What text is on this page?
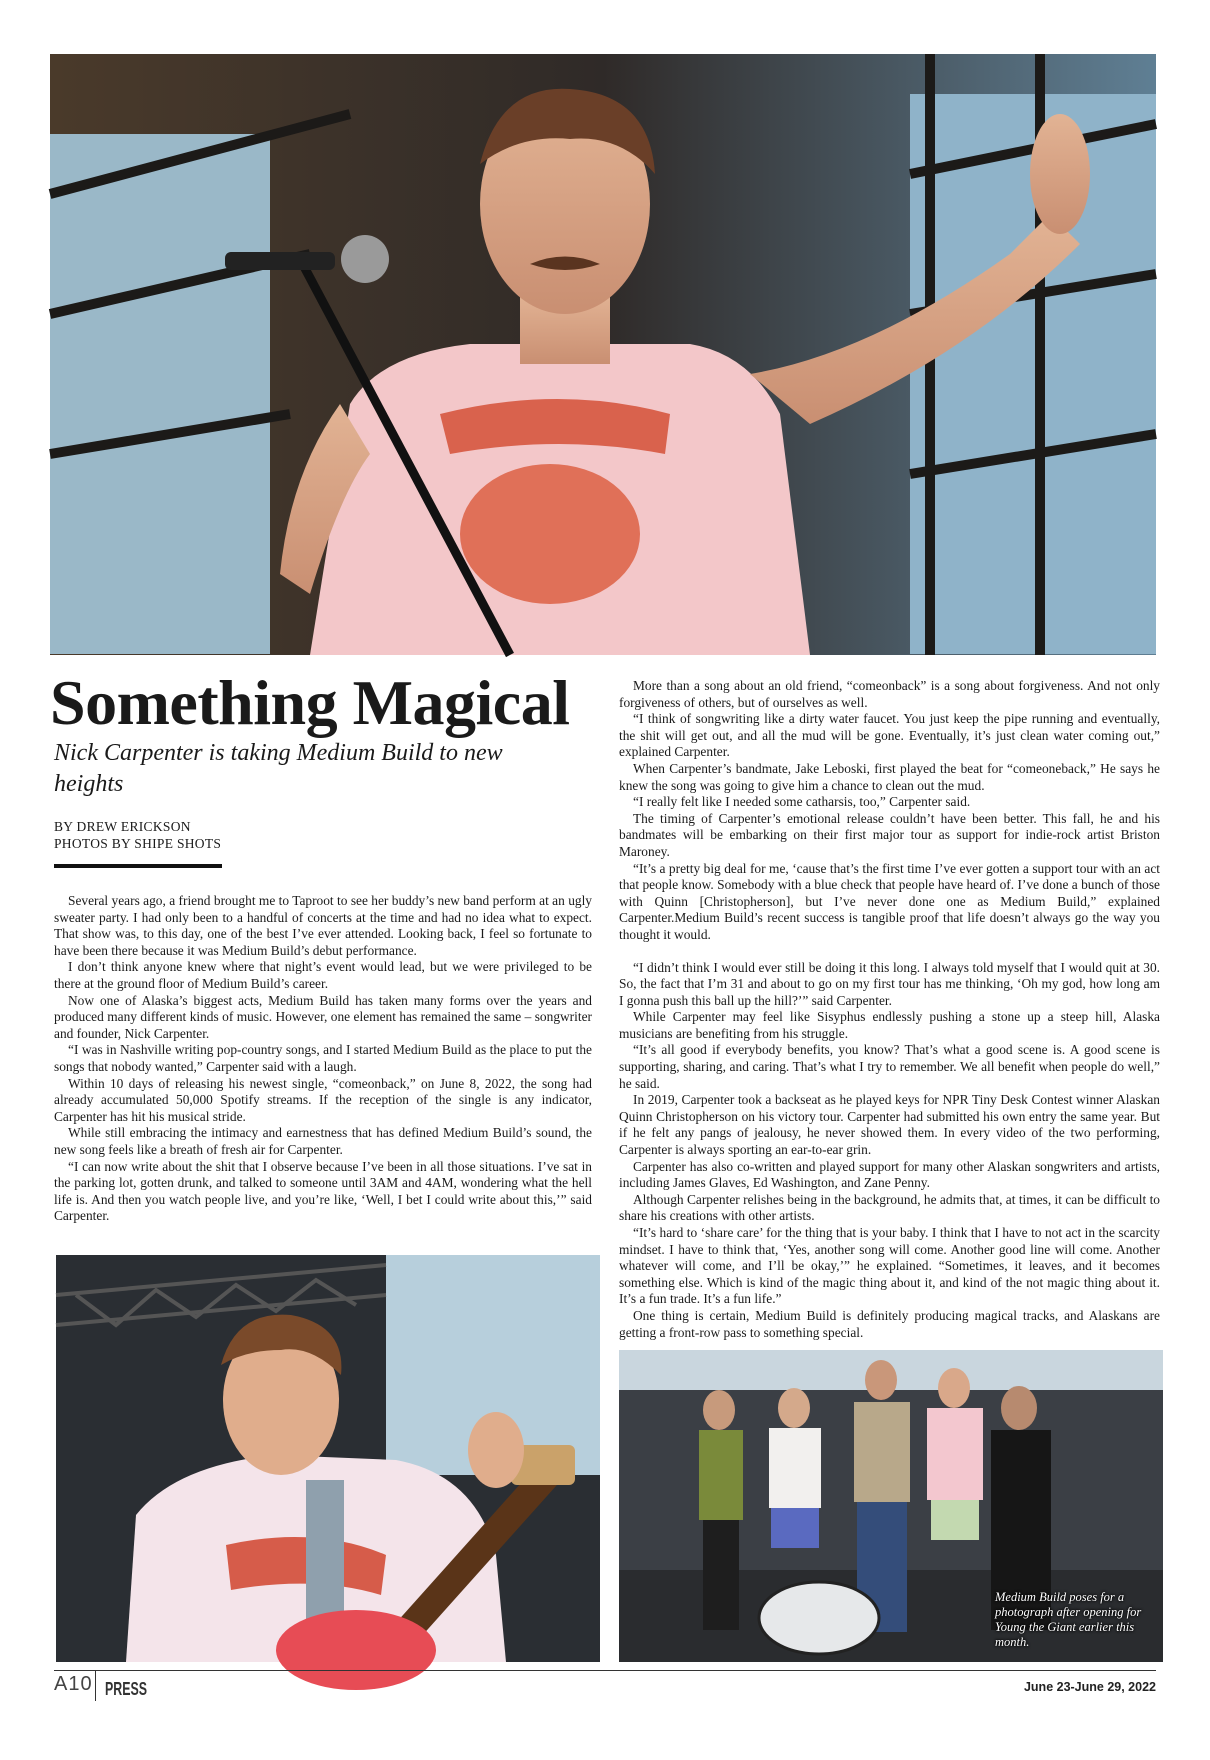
Something Magical
Nick Carpenter is taking Medium Build to new heights
BY DREW ERICKSON
PHOTOS BY SHIPE SHOTS

Several years ago, a friend brought me to Taproot to see her buddy’s new band perform at an ugly sweater party. I had only been to a handful of concerts at the time and had no idea what to expect. That show was, to this day, one of the best I’ve ever attended. Looking back, I feel so fortunate to have been there because it was Medium Build’s debut performance.

I don’t think anyone knew where that night’s event would lead, but we were privileged to be there at the ground floor of Medium Build’s career.

Now one of Alaska’s biggest acts, Medium Build has taken many forms over the years and produced many different kinds of music. However, one element has remained the same – songwriter and founder, Nick Carpenter.

“I was in Nashville writing pop-country songs, and I started Medium Build as the place to put the songs that nobody wanted,” Carpenter said with a laugh.

Within 10 days of releasing his newest single, “comeonback,” on June 8, 2022, the song had already accumulated 50,000 Spotify streams. If the reception of the single is any indicator, Carpenter has hit his musical stride.

While still embracing the intimacy and earnestness that has defined Medium Build’s sound, the new song feels like a breath of fresh air for Carpenter.

“I can now write about the shit that I observe because I’ve been in all those situations. I’ve sat in the parking lot, gotten drunk, and talked to someone until 3AM and 4AM, wondering what the hell life is. And then you watch people live, and you’re like, ‘Well, I bet I could write about this,’” said Carpenter.

More than a song about an old friend, “comeonback” is a song about forgiveness. And not only forgiveness of others, but of ourselves as well.

“I think of songwriting like a dirty water faucet. You just keep the pipe running and eventually, the shit will get out, and all the mud will be gone. Eventually, it’s just clean water coming out,” explained Carpenter.

When Carpenter’s bandmate, Jake Leboski, first played the beat for “comeoneback,” He says he knew the song was going to give him a chance to clean out the mud.

“I really felt like I needed some catharsis, too,” Carpenter said.

The timing of Carpenter’s emotional release couldn’t have been better. This fall, he and his bandmates will be embarking on their first major tour as support for indie-rock artist Briston Maroney.

“It’s a pretty big deal for me, ‘cause that’s the first time I’ve ever gotten a support tour with an act that people know. Somebody with a blue check that people have heard of. I’ve done a bunch of those with Quinn [Christopherson], but I’ve never done one as Medium Build,” explained Carpenter.Medium Build’s recent success is tangible proof that life doesn’t always go the way you thought it would.

“I didn’t think I would ever still be doing it this long. I always told myself that I would quit at 30. So, the fact that I’m 31 and about to go on my first tour has me thinking, ‘Oh my god, how long am I gonna push this ball up the hill?’” said Carpenter.

While Carpenter may feel like Sisyphus endlessly pushing a stone up a steep hill, Alaska musicians are benefiting from his struggle.

“It’s all good if everybody benefits, you know? That’s what a good scene is. A good scene is supporting, sharing, and caring. That’s what I try to remember. We all benefit when people do well,” he said.

In 2019, Carpenter took a backseat as he played keys for NPR Tiny Desk Contest winner Alaskan Quinn Christopherson on his victory tour. Carpenter had submitted his own entry the same year. But if he felt any pangs of jealousy, he never showed them. In every video of the two performing, Carpenter is always sporting an ear-to-ear grin.

Carpenter has also co-written and played support for many other Alaskan songwriters and artists, including James Glaves, Ed Washington, and Zane Penny.

Although Carpenter relishes being in the background, he admits that, at times, it can be difficult to share his creations with other artists.

“It’s hard to ‘share care’ for the thing that is your baby. I think that I have to not act in the scarcity mindset. I have to think that, ‘Yes, another song will come. Another good line will come. Another whatever will come, and I’ll be okay,’” he explained. “Sometimes, it leaves, and it becomes something else. Which is kind of the magic thing about it, and kind of the not magic thing about it. It’s a fun trade. It’s a fun life.”

One thing is certain, Medium Build is definitely producing magical tracks, and Alaskans are getting a front-row pass to something special.

Medium Build poses for a photograph after opening for Young the Giant earlier this month.
A10 PRESS	June 23-June 29, 2022
